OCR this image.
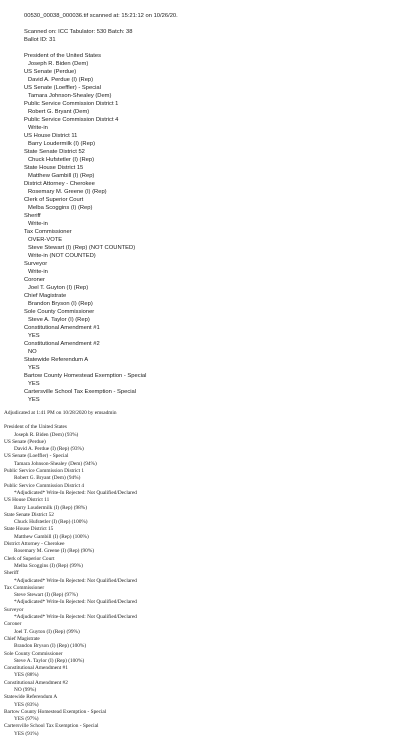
00530_00038_000036.tif scanned at: 15:21:12 on 10/26/20.
Scanned on: ICC Tabulator: 530 Batch: 38
Ballot ID: 31
President of the United States
Joseph R. Biden (Dem)
US Senate (Perdue)
David A. Perdue (I) (Rep)
US Senate (Loeffler) - Special
Tamara Johnson-Shealey (Dem)
Public Service Commission District 1
Robert G. Bryant (Dem)
Public Service Commission District 4
Write-in
US House District 11
Barry Loudermilk (I) (Rep)
State Senate District 52
Chuck Hufstetler (I) (Rep)
State House District 15
Matthew Gambill (I) (Rep)
District Attorney - Cherokee
Rosemary M. Greene (I) (Rep)
Clerk of Superior Court
Melba Scoggins (I) (Rep)
Sheriff
Write-in
Tax Commissioner
OVER-VOTE
Steve Stewart (I) (Rep) (NOT COUNTED)
Write-in (NOT COUNTED)
Surveyor
Write-in
Coroner
Joel T. Guyton (I) (Rep)
Chief Magistrate
Brandon Bryson (I) (Rep)
Sole County Commissioner
Steve A. Taylor (I) (Rep)
Constitutional Amendment #1
YES
Constitutional Amendment #2
NO
Statewide Referendum A
YES
Bartow County Homestead Exemption - Special
YES
Cartersville School Tax Exemption - Special
YES
Adjudicated at 1:41 PM on 10/28/2020 by emsadmin
President of the United States
Joseph R. Biden (Dem) (93%)
US Senate (Perdue)
David A. Perdue (I) (Rep) (93%)
US Senate (Loeffler) - Special
Tamara Johnson-Shealey (Dem) (94%)
Public Service Commission District 1
Robert G. Bryant (Dem) (94%)
Public Service Commission District 4
*Adjudicated* Write-In Rejected: Not Qualified/Declared
US House District 11
Barry Loudermilk (I) (Rep) (98%)
State Senate District 52
Chuck Hufstetler (I) (Rep) (100%)
State House District 15
Matthew Gambill (I) (Rep) (100%)
District Attorney - Cherokee
Rosemary M. Greene (I) (Rep) (90%)
Clerk of Superior Court
Melba Scoggins (I) (Rep) (99%)
Sheriff
*Adjudicated* Write-In Rejected: Not Qualified/Declared
Tax Commissioner
Steve Stewart (I) (Rep) (97%)
*Adjudicated* Write-In Rejected: Not Qualified/Declared
Surveyor
*Adjudicated* Write-In Rejected: Not Qualified/Declared
Coroner
Joel T. Guyton (I) (Rep) (99%)
Chief Magistrate
Brandon Bryson (I) (Rep) (100%)
Sole County Commissioner
Steve A. Taylor (I) (Rep) (100%)
Constitutional Amendment #1
YES (88%)
Constitutional Amendment #2
NO (99%)
Statewide Referendum A
YES (83%)
Bartow County Homestead Exemption - Special
YES (97%)
Cartersville School Tax Exemption - Special
YES (91%)
